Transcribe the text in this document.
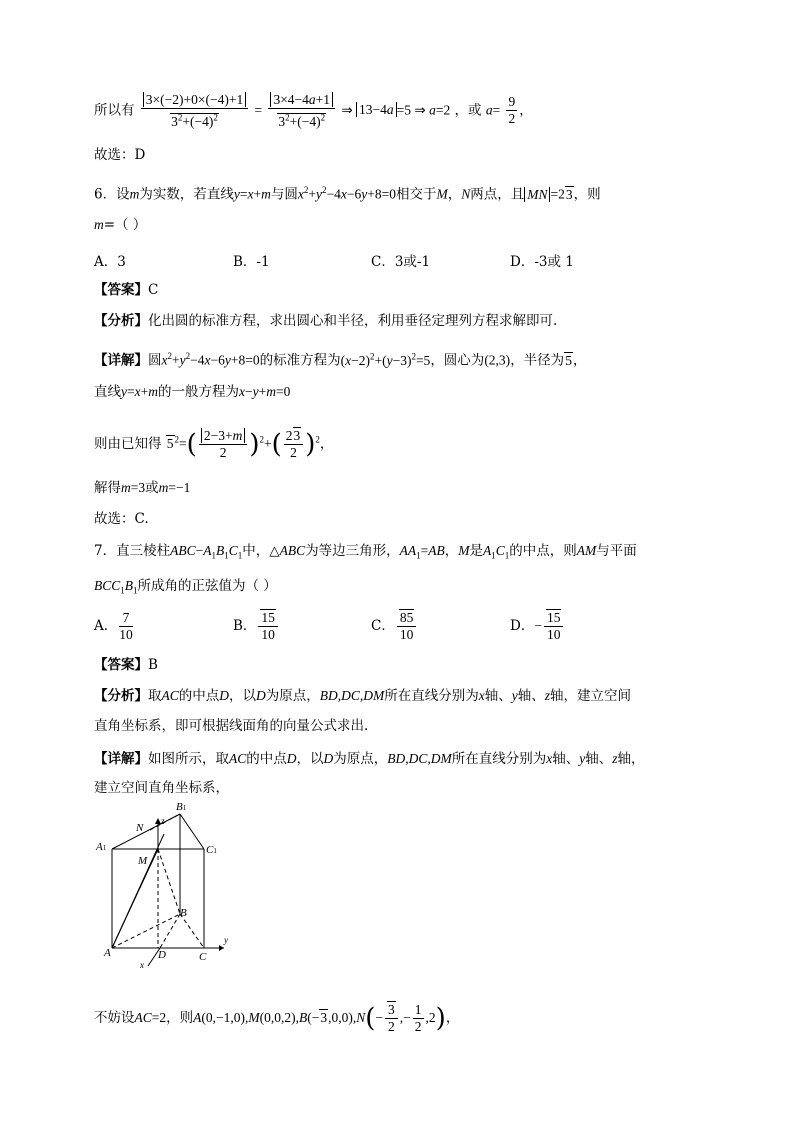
所以有 $\frac{3\times(-2)+0\times(-4)+1}{3^2+(-4)^2} = \frac{3\times 4-4a+1}{3^2+(-4)^2}$ ⇒ 13−4a =5 ⇒ a=2 ，或 $a= \frac{9}{2}$ ，
故选：D
6．设m为实数，若直线y=x+m与圆$x^2+y^2-4x-6y+8=0$相交于M，N两点，且 MN =23，则
m=（ ）
A．3	B．-1	C．3或-1	D．-3或 1
【答案】C
【分析】化出圆的标准方程，求出圆心和半径，利用垂径定理列方程求解即可.
【详解】圆$x^2+y^2-4x-6y+8=0$的标准方程为$(x-2)^2+(y-3)^2=5$，圆心为(2,3)，半径为5，
直线y=x+m的一般方程为x−y+m=0
则由已知得 $5^2=( \frac{2-3+m}{2} )^2+( \frac{23}{2} )^2$，
解得m=3或m=−1
故选：C.
7．直三棱柱$ABC-A_1B_1C_1$中，△ABC为等边三角形，$AA_1=AB$，M是$A_1C_1$的中点，则AM与平面
$BCC_1B_1$所成角的正弦值为（ ）
A． $\frac{7}{10}$	B． $\frac{15}{10}$	C． $\frac{85}{10}$	D．− $\frac{15}{10}$
【答案】B
【分析】取AC的中点D，以D为原点，BD,DC,DM所在直线分别为x轴、y轴、z轴，建立空间
直角坐标系，即可根据线面角的向量公式求出.
【详解】如图所示，取AC的中点D，以D为原点，BD,DC,DM所在直线分别为x轴、y轴、z轴，
建立空间直角坐标系，
B1
N
z
A1	C1
M
B
A	D	C
y
x
不妨设AC=2，则$A(0,-1,0),M(0,0,2),B(-3,0,0),N(- \frac{3}{2}$ ,− $\frac{1}{2} ,2$)，
